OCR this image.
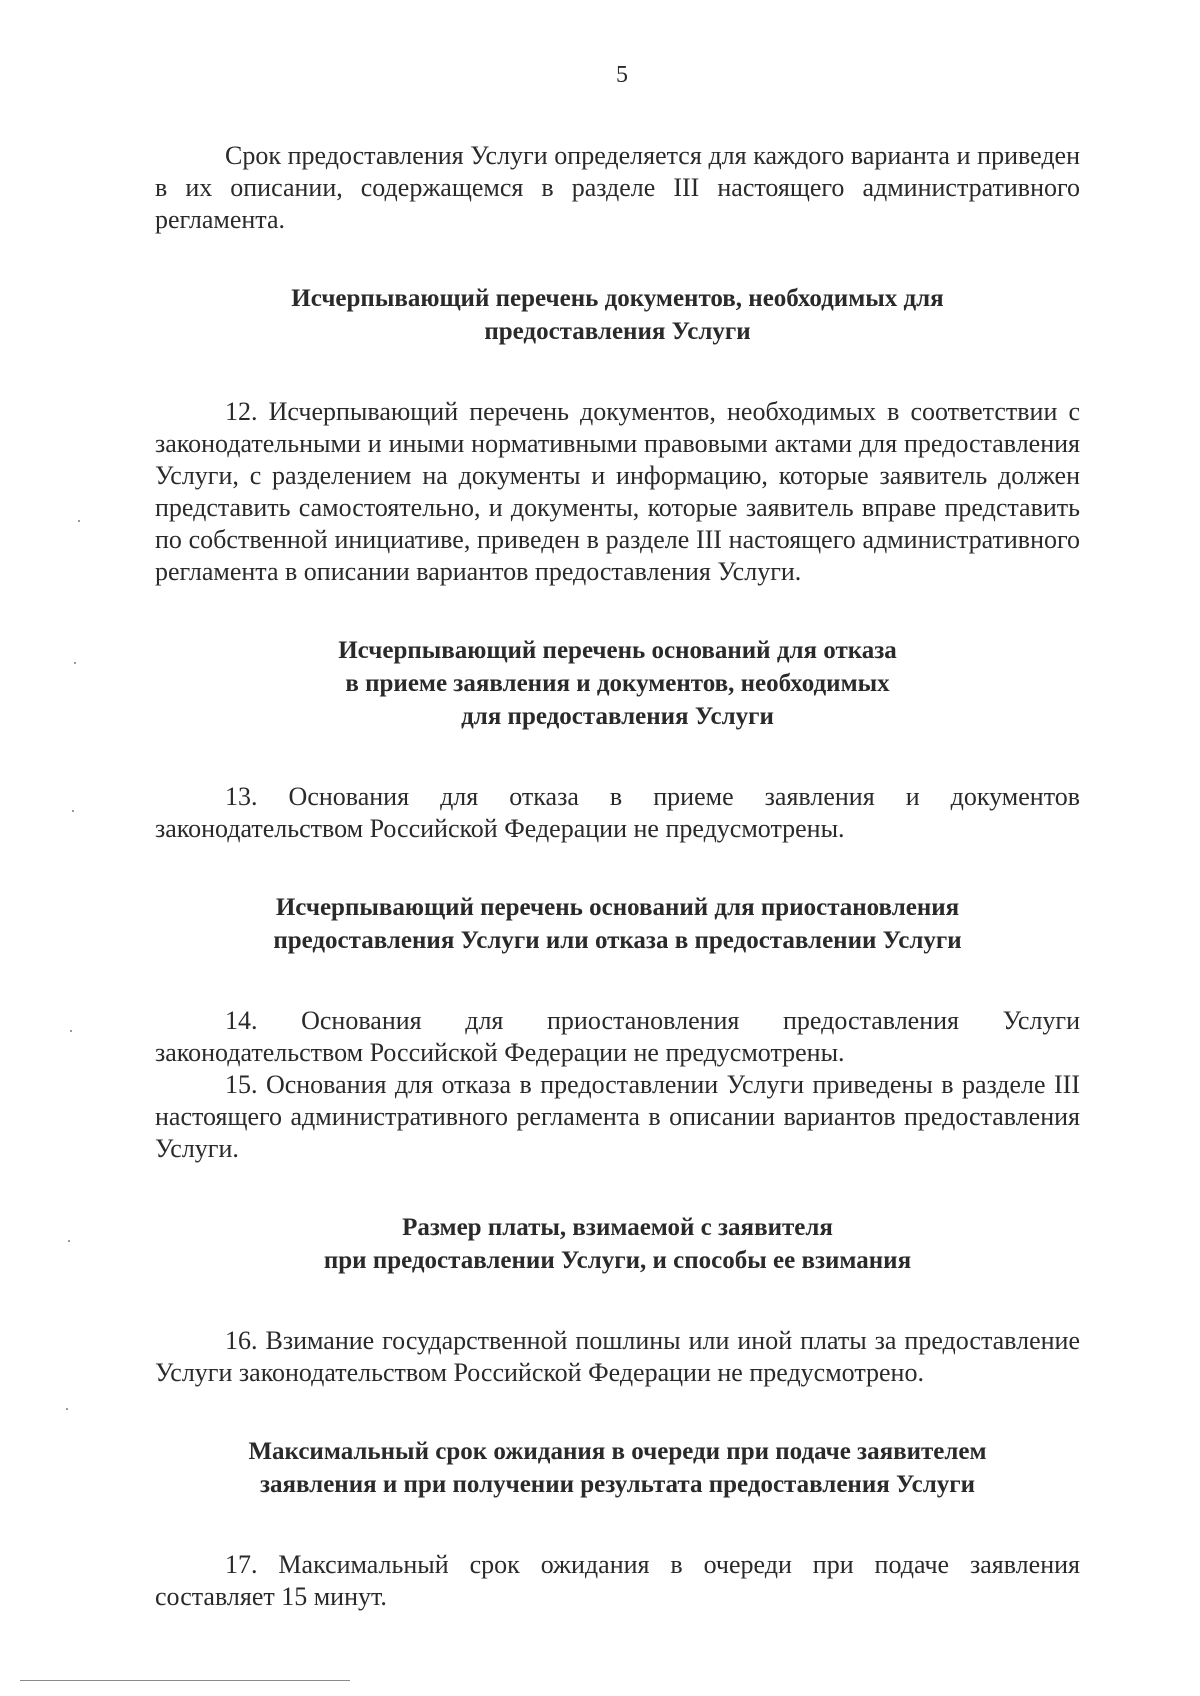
5

Срок предоставления Услуги определяется для каждого варианта и приведен в их описании, содержащемся в разделе III настоящего административного регламента.

Исчерпывающий перечень документов, необходимых для
предоставления Услуги

12. Исчерпывающий перечень документов, необходимых в соответствии с законодательными и иными нормативными правовыми актами для предоставления Услуги, с разделением на документы и информацию, которые заявитель должен представить самостоятельно, и документы, которые заявитель вправе представить по собственной инициативе, приведен в разделе III настоящего административного регламента в описании вариантов предоставления Услуги.

Исчерпывающий перечень оснований для отказа
в приеме заявления и документов, необходимых
для предоставления Услуги

13. Основания для отказа в приеме заявления и документов законодательством Российской Федерации не предусмотрены.

Исчерпывающий перечень оснований для приостановления
предоставления Услуги или отказа в предоставлении Услуги

14. Основания для приостановления предоставления Услуги законодательством Российской Федерации не предусмотрены.

15. Основания для отказа в предоставлении Услуги приведены в разделе III настоящего административного регламента в описании вариантов предоставления Услуги.

Размер платы, взимаемой с заявителя
при предоставлении Услуги, и способы ее взимания

16. Взимание государственной пошлины или иной платы за предоставление Услуги законодательством Российской Федерации не предусмотрено.

Максимальный срок ожидания в очереди при подаче заявителем
заявления и при получении результата предоставления Услуги

17. Максимальный срок ожидания в очереди при подаче заявления составляет 15 минут.
